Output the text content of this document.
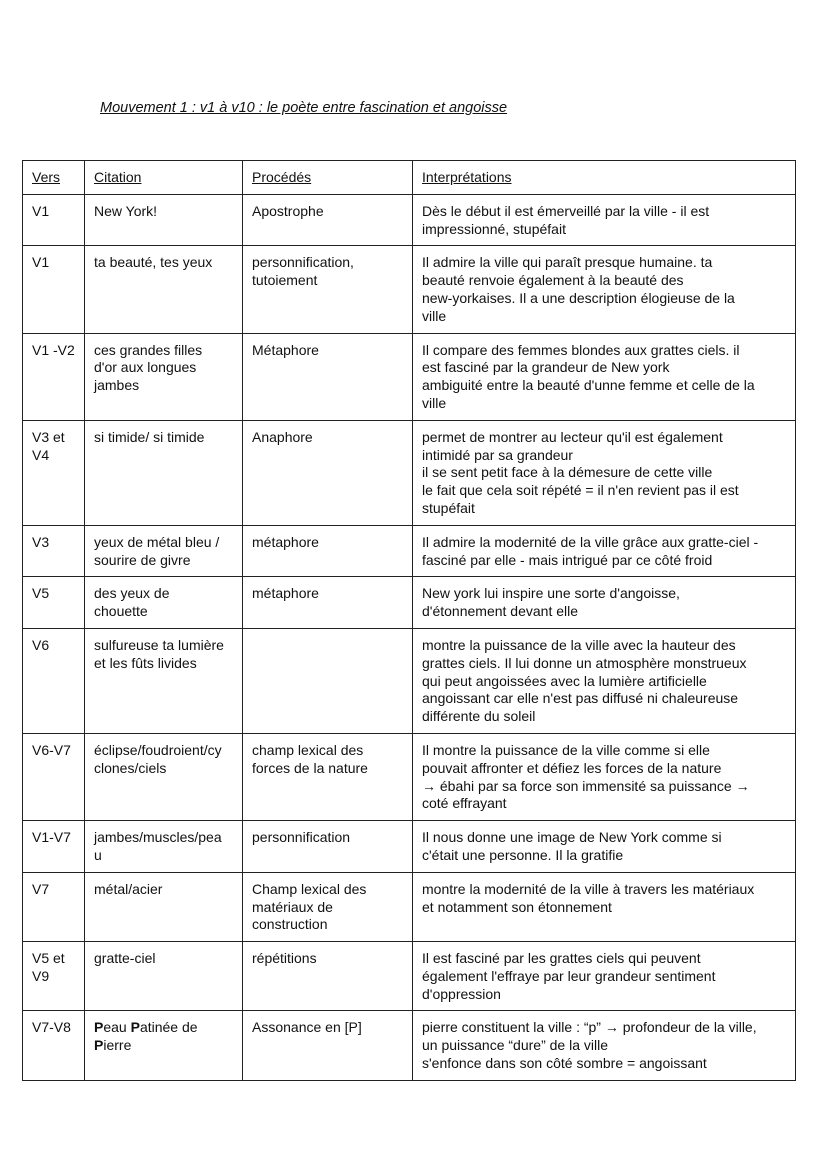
Mouvement 1 : v1 à v10 : le poète entre fascination et angoisse
Vers	Citation	Procédés	Interprétations

V1	New York!	Apostrophe	Dès le début il est émerveillé par la ville - il est
impressionné, stupéfait

V1	ta beauté, tes yeux	personnification,
tutoiement	Il admire la ville qui paraît presque humaine. ta
beauté renvoie également à la beauté des
new-yorkaises. Il a une description élogieuse de la
ville

V1 -V2	ces grandes filles
d'or aux longues
jambes	Métaphore	Il compare des femmes blondes aux grattes ciels. il
est fasciné par la grandeur de New york
ambiguité entre la beauté d'unne femme et celle de la
ville

V3 et
V4	si timide/ si timide	Anaphore	permet de montrer au lecteur qu'il est également
intimidé par sa grandeur
il se sent petit face à la démesure de cette ville
le fait que cela soit répété = il n'en revient pas il est
stupéfait

V3	yeux de métal bleu /
sourire de givre	métaphore	Il admire la modernité de la ville grâce aux gratte-ciel -
fasciné par elle - mais intrigué par ce côté froid

V5	des yeux de
chouette	métaphore	New york lui inspire une sorte d'angoisse,
d'étonnement devant elle

V6	sulfureuse ta lumière
et les fûts livides		montre la puissance de la ville avec la hauteur des
grattes ciels. Il lui donne un atmosphère monstrueux
qui peut angoissées avec la lumière artificielle
angoissant car elle n'est pas diffusé ni chaleureuse
différente du soleil

V6-V7	éclipse/foudroient/cy
clones/ciels	champ lexical des
forces de la nature	Il montre la puissance de la ville comme si elle
pouvait affronter et défiez les forces de la nature
→ ébahi par sa force son immensité sa puissance →
coté effrayant

V1-V7	jambes/muscles/pea
u	personnification	Il nous donne une image de New York comme si
c'était une personne. Il la gratifie

V7	métal/acier	Champ lexical des
matériaux de
construction	montre la modernité de la ville à travers les matériaux
et notamment son étonnement

V5 et
V9	gratte-ciel	répétitions	Il est fasciné par les grattes ciels qui peuvent
également l'effraye par leur grandeur sentiment
d'oppression

V7-V8	Peau Patinée de
Pierre	Assonance en [P]	pierre constituent la ville : “p” → profondeur de la ville,
un puissance “dure” de la ville
s'enfonce dans son côté sombre = angoissant
